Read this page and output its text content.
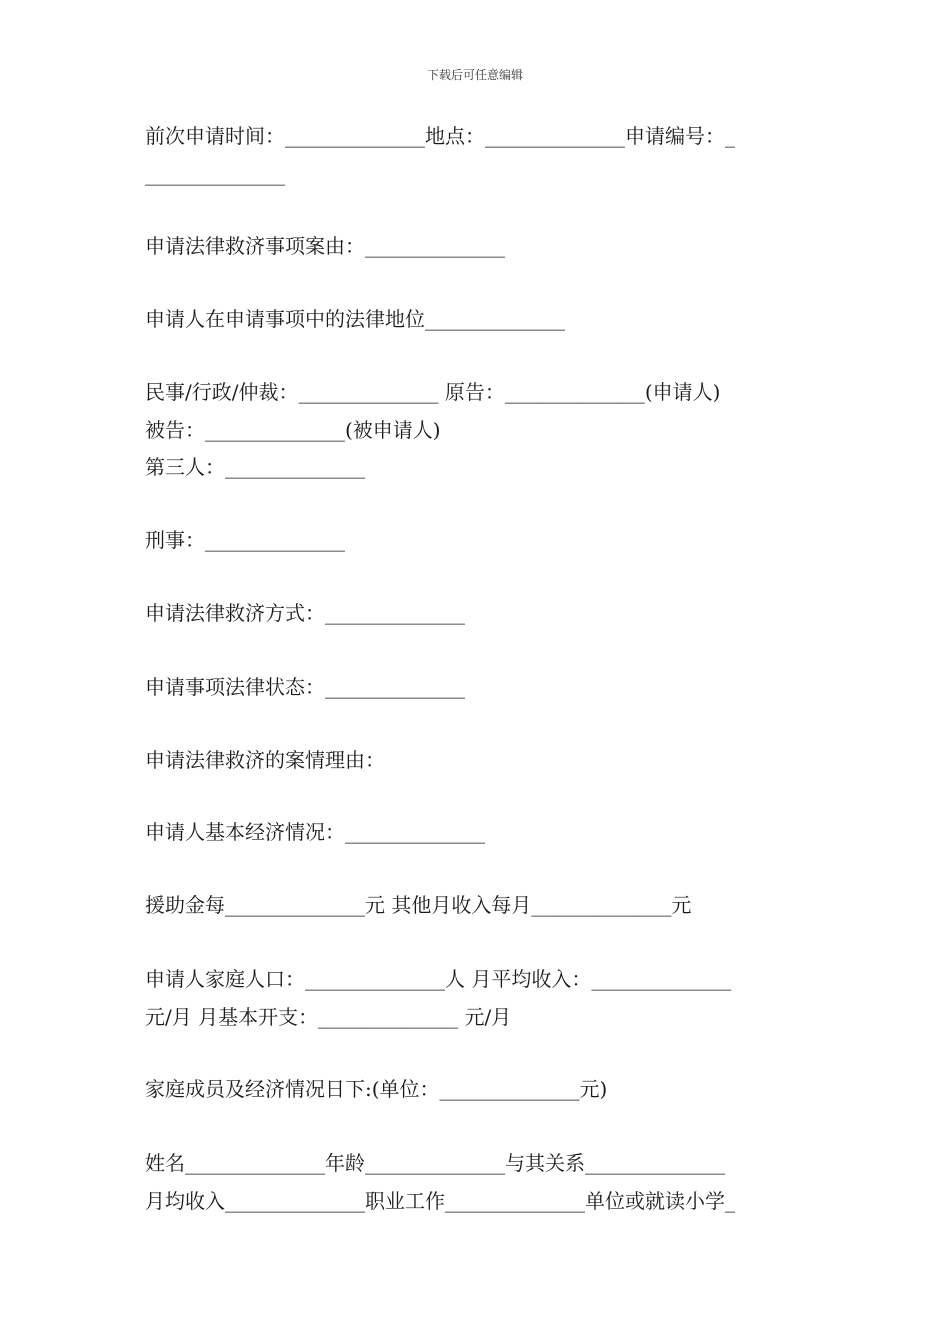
下载后可任意编辑
前次申请时间：______________地点：______________申请编号：_
______________
申请法律救济事项案由：______________
申请人在申请事项中的法律地位______________
民事/行政/仲裁：______________ 原告：______________(申请人)
被告：______________(被申请人)
第三人：______________
刑事：______________
申请法律救济方式：______________
申请事项法律状态：______________
申请法律救济的案情理由：
申请人基本经济情况：______________
援助金每______________元 其他月收入每月______________元
申请人家庭人口：______________人 月平均收入：______________
元/月 月基本开支：______________ 元/月
家庭成员及经济情况日下:(单位：______________元)
姓名______________年龄______________与其关系______________
月均收入______________职业工作______________单位或就读小学_
